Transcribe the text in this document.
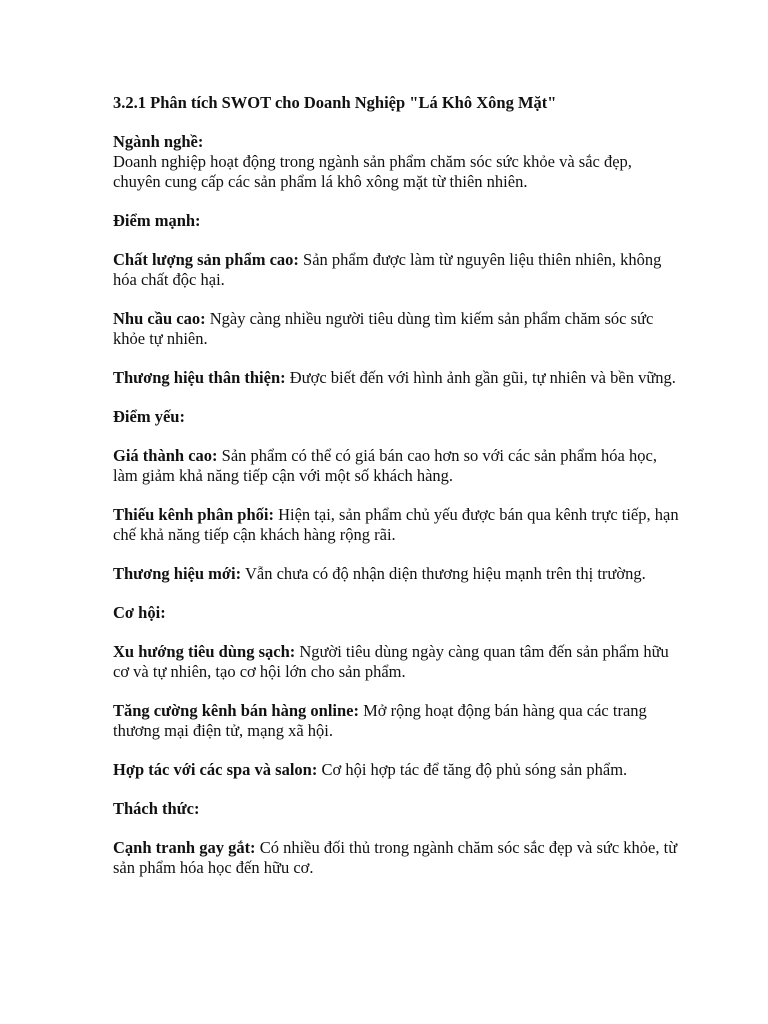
3.2.1 Phân tích SWOT cho Doanh Nghiệp "Lá Khô Xông Mặt"

Ngành nghề:

Doanh nghiệp hoạt động trong ngành sản phẩm chăm sóc sức khỏe và sắc đẹp, chuyên cung cấp các sản phẩm lá khô xông mặt từ thiên nhiên.

Điểm mạnh:

Chất lượng sản phẩm cao: Sản phẩm được làm từ nguyên liệu thiên nhiên, không hóa chất độc hại.

Nhu cầu cao: Ngày càng nhiều người tiêu dùng tìm kiếm sản phẩm chăm sóc sức khỏe tự nhiên.

Thương hiệu thân thiện: Được biết đến với hình ảnh gần gũi, tự nhiên và bền vững.

Điểm yếu:

Giá thành cao: Sản phẩm có thể có giá bán cao hơn so với các sản phẩm hóa học, làm giảm khả năng tiếp cận với một số khách hàng.

Thiếu kênh phân phối: Hiện tại, sản phẩm chủ yếu được bán qua kênh trực tiếp, hạn chế khả năng tiếp cận khách hàng rộng rãi.

Thương hiệu mới: Vẫn chưa có độ nhận diện thương hiệu mạnh trên thị trường.

Cơ hội:

Xu hướng tiêu dùng sạch: Người tiêu dùng ngày càng quan tâm đến sản phẩm hữu cơ và tự nhiên, tạo cơ hội lớn cho sản phẩm.

Tăng cường kênh bán hàng online: Mở rộng hoạt động bán hàng qua các trang thương mại điện tử, mạng xã hội.

Hợp tác với các spa và salon: Cơ hội hợp tác để tăng độ phủ sóng sản phẩm.

Thách thức:

Cạnh tranh gay gắt: Có nhiều đối thủ trong ngành chăm sóc sắc đẹp và sức khỏe, từ sản phẩm hóa học đến hữu cơ.
